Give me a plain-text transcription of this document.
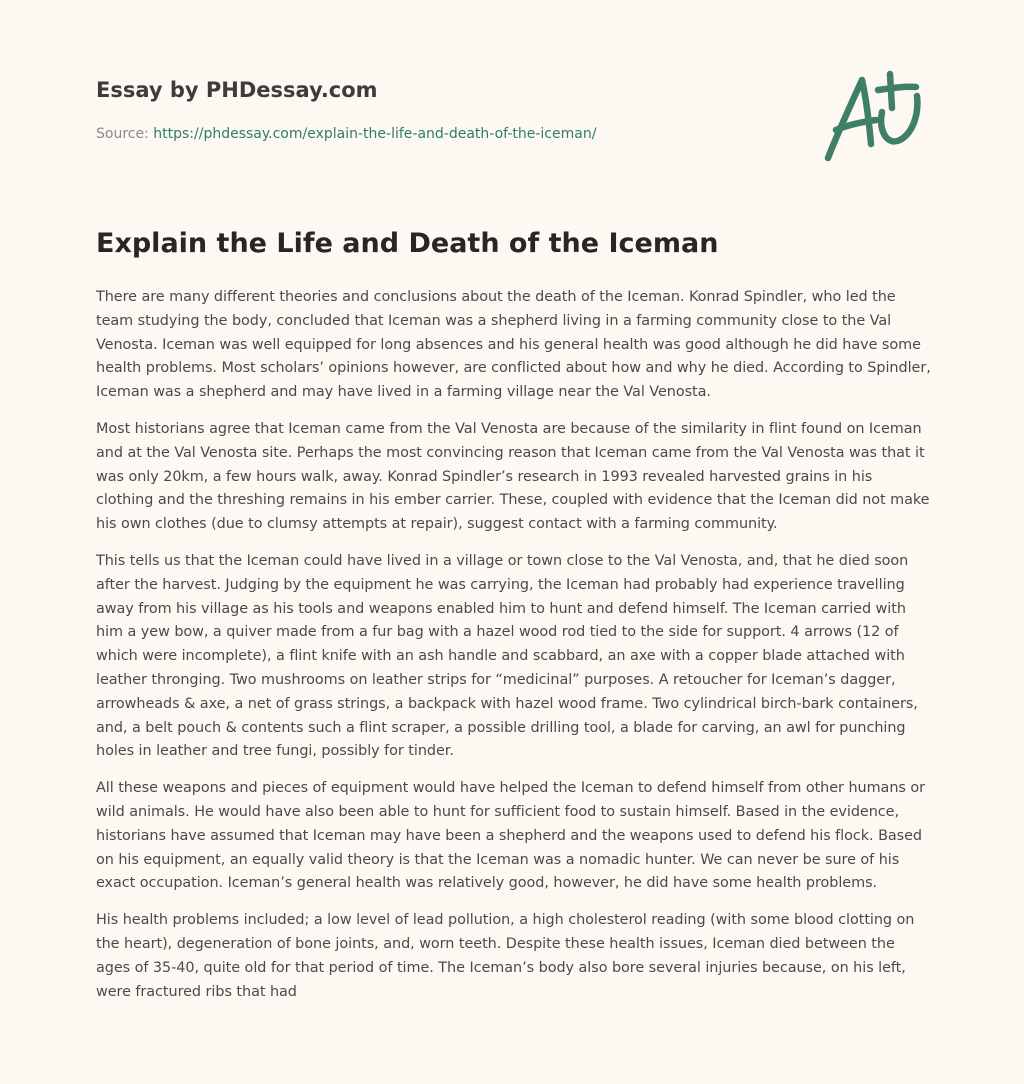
Essay by PHDessay.com
Source: https://phdessay.com/explain-the-life-and-death-of-the-iceman/
Explain the Life and Death of the Iceman

There are many different theories and conclusions about the death of the Iceman. Konrad Spindler, who led the team studying the body, concluded that Iceman was a shepherd living in a farming community close to the Val Venosta. Iceman was well equipped for long absences and his general health was good although he did have some health problems. Most scholars’ opinions however, are conflicted about how and why he died. According to Spindler, Iceman was a shepherd and may have lived in a farming village near the Val Venosta.

Most historians agree that Iceman came from the Val Venosta are because of the similarity in flint found on Iceman and at the Val Venosta site. Perhaps the most convincing reason that Iceman came from the Val Venosta was that it was only 20km, a few hours walk, away. Konrad Spindler’s research in 1993 revealed harvested grains in his clothing and the threshing remains in his ember carrier. These, coupled with evidence that the Iceman did not make his own clothes (due to clumsy attempts at repair), suggest contact with a farming community.

This tells us that the Iceman could have lived in a village or town close to the Val Venosta, and, that he died soon after the harvest. Judging by the equipment he was carrying, the Iceman had probably had experience travelling away from his village as his tools and weapons enabled him to hunt and defend himself. The Iceman carried with him a yew bow, a quiver made from a fur bag with a hazel wood rod tied to the side for support. 4 arrows (12 of which were incomplete), a flint knife with an ash handle and scabbard, an axe with a copper blade attached with leather thronging. Two mushrooms on leather strips for “medicinal” purposes. A retoucher for Iceman’s dagger, arrowheads & axe, a net of grass strings, a backpack with hazel wood frame. Two cylindrical birch-bark containers, and, a belt pouch & contents such a flint scraper, a possible drilling tool, a blade for carving, an awl for punching holes in leather and tree fungi, possibly for tinder.

All these weapons and pieces of equipment would have helped the Iceman to defend himself from other humans or wild animals. He would have also been able to hunt for sufficient food to sustain himself. Based in the evidence, historians have assumed that Iceman may have been a shepherd and the weapons used to defend his flock. Based on his equipment, an equally valid theory is that the Iceman was a nomadic hunter. We can never be sure of his exact occupation. Iceman’s general health was relatively good, however, he did have some health problems.

His health problems included; a low level of lead pollution, a high cholesterol reading (with some blood clotting on the heart), degeneration of bone joints, and, worn teeth. Despite these health issues, Iceman died between the ages of 35-40, quite old for that period of time. The Iceman’s body also bore several injuries because, on his left, were fractured ribs that had
